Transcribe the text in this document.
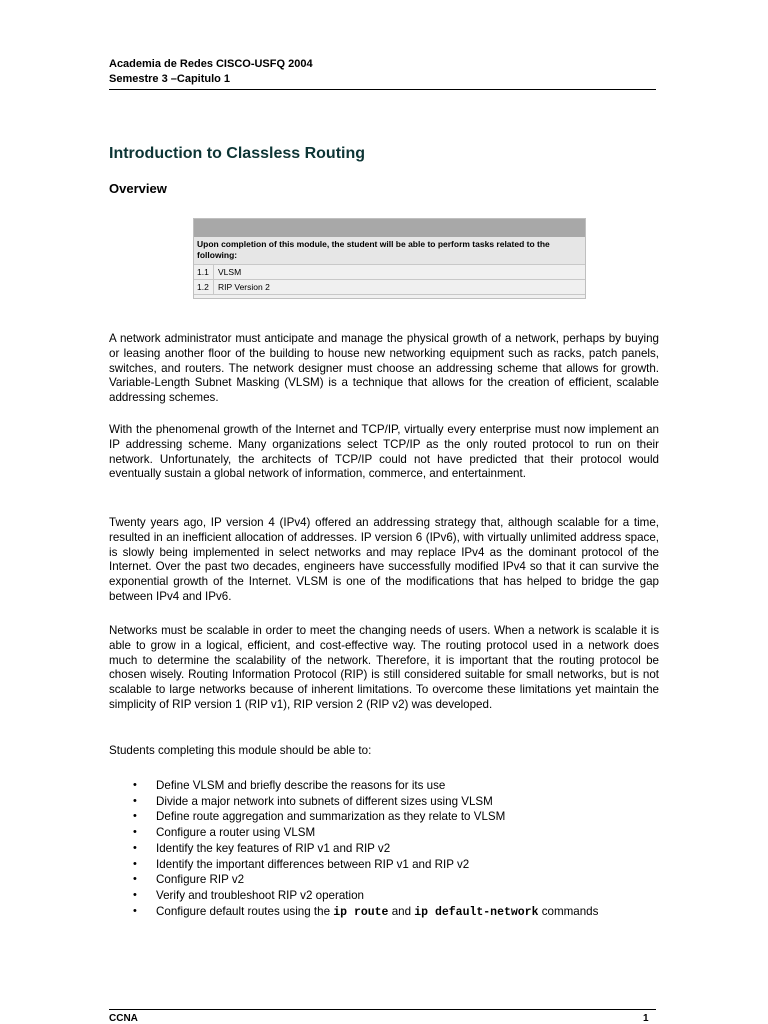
Academia de Redes CISCO-USFQ 2004
Semestre 3 –Capitulo 1
Introduction to Classless Routing
Overview
Upon completion of this module, the student will be able to perform tasks related to the following:
1.1	VLSM
1.2	RIP Version 2

A network administrator must anticipate and manage the physical growth of a network, perhaps by buying or leasing another floor of the building to house new networking equipment such as racks, patch panels, switches, and routers. The network designer must choose an addressing scheme that allows for growth. Variable-Length Subnet Masking (VLSM) is a technique that allows for the creation of efficient, scalable addressing schemes.

With the phenomenal growth of the Internet and TCP/IP, virtually every enterprise must now implement an IP addressing scheme. Many organizations select TCP/IP as the only routed protocol to run on their network. Unfortunately, the architects of TCP/IP could not have predicted that their protocol would eventually sustain a global network of information, commerce, and entertainment.

Twenty years ago, IP version 4 (IPv4) offered an addressing strategy that, although scalable for a time, resulted in an inefficient allocation of addresses. IP version 6 (IPv6), with virtually unlimited address space, is slowly being implemented in select networks and may replace IPv4 as the dominant protocol of the Internet. Over the past two decades, engineers have successfully modified IPv4 so that it can survive the exponential growth of the Internet. VLSM is one of the modifications that has helped to bridge the gap between IPv4 and IPv6.

Networks must be scalable in order to meet the changing needs of users. When a network is scalable it is able to grow in a logical, efficient, and cost-effective way. The routing protocol used in a network does much to determine the scalability of the network. Therefore, it is important that the routing protocol be chosen wisely. Routing Information Protocol (RIP) is still considered suitable for small networks, but is not scalable to large networks because of inherent limitations. To overcome these limitations yet maintain the simplicity of RIP version 1 (RIP v1), RIP version 2 (RIP v2) was developed.

Students completing this module should be able to:

• Define VLSM and briefly describe the reasons for its use
• Divide a major network into subnets of different sizes using VLSM
• Define route aggregation and summarization as they relate to VLSM
• Configure a router using VLSM
• Identify the key features of RIP v1 and RIP v2
• Identify the important differences between RIP v1 and RIP v2
• Configure RIP v2
• Verify and troubleshoot RIP v2 operation
• Configure default routes using the ip route and ip default-network commands
CCNA	1
